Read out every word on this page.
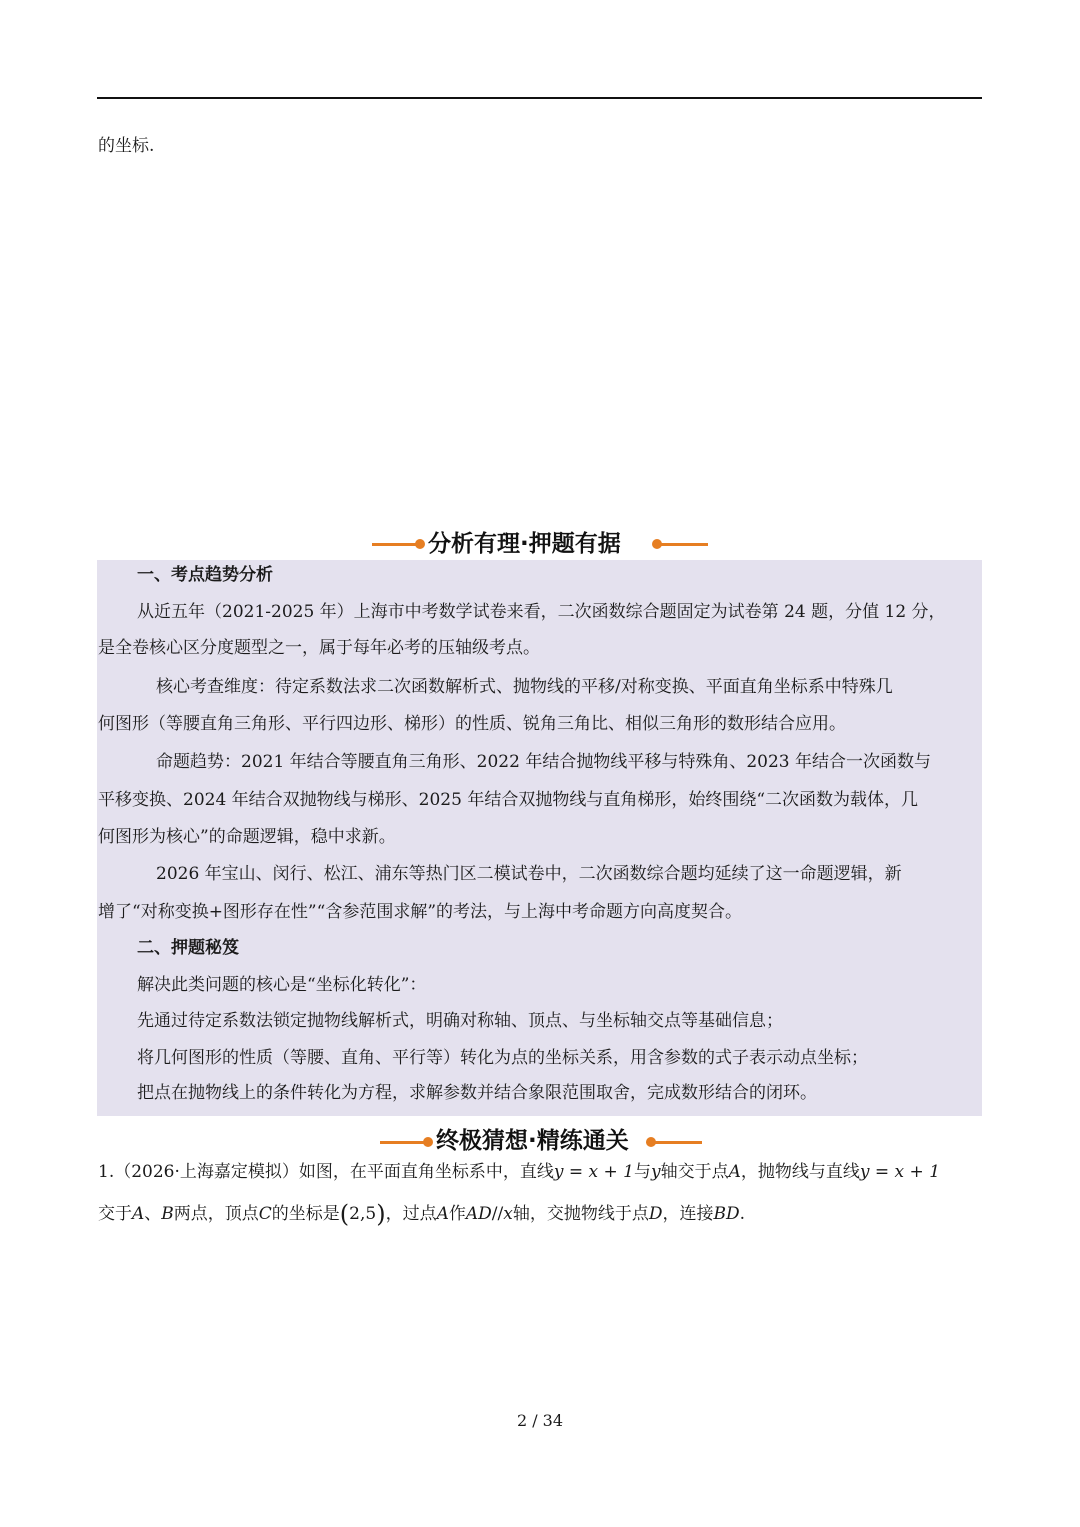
的坐标.
分析有理·押题有据
一、考点趋势分析
从近五年（2021-2025 年）上海市中考数学试卷来看，二次函数综合题固定为试卷第 24 题，分值 12 分，
是全卷核心区分度题型之一，属于每年必考的压轴级考点。
核心考查维度：待定系数法求二次函数解析式、抛物线的平移/对称变换、平面直角坐标系中特殊几
何图形（等腰直角三角形、平行四边形、梯形）的性质、锐角三角比、相似三角形的数形结合应用。
命题趋势：2021 年结合等腰直角三角形、2022 年结合抛物线平移与特殊角、2023 年结合一次函数与
平移变换、2024 年结合双抛物线与梯形、2025 年结合双抛物线与直角梯形，始终围绕“二次函数为载体，几
何图形为核心”的命题逻辑，稳中求新。
2026 年宝山、闵行、松江、浦东等热门区二模试卷中，二次函数综合题均延续了这一命题逻辑，新
增了“对称变换+图形存在性”“含参范围求解”的考法，与上海中考命题方向高度契合。
二、押题秘笈
解决此类问题的核心是“坐标化转化”：
先通过待定系数法锁定抛物线解析式，明确对称轴、顶点、与坐标轴交点等基础信息；
将几何图形的性质（等腰、直角、平行等）转化为点的坐标关系，用含参数的式子表示动点坐标；
把点在抛物线上的条件转化为方程，求解参数并结合象限范围取舍，完成数形结合的闭环。
终极猜想·精练通关
1.（2026·上海嘉定模拟）如图，在平面直角坐标系中，直线y = x + 1与y轴交于点A，抛物线与直线y = x + 1
交于A、B两点，顶点C的坐标是(2,5)，过点A作AD//x轴，交抛物线于点D，连接BD.
2 / 34
